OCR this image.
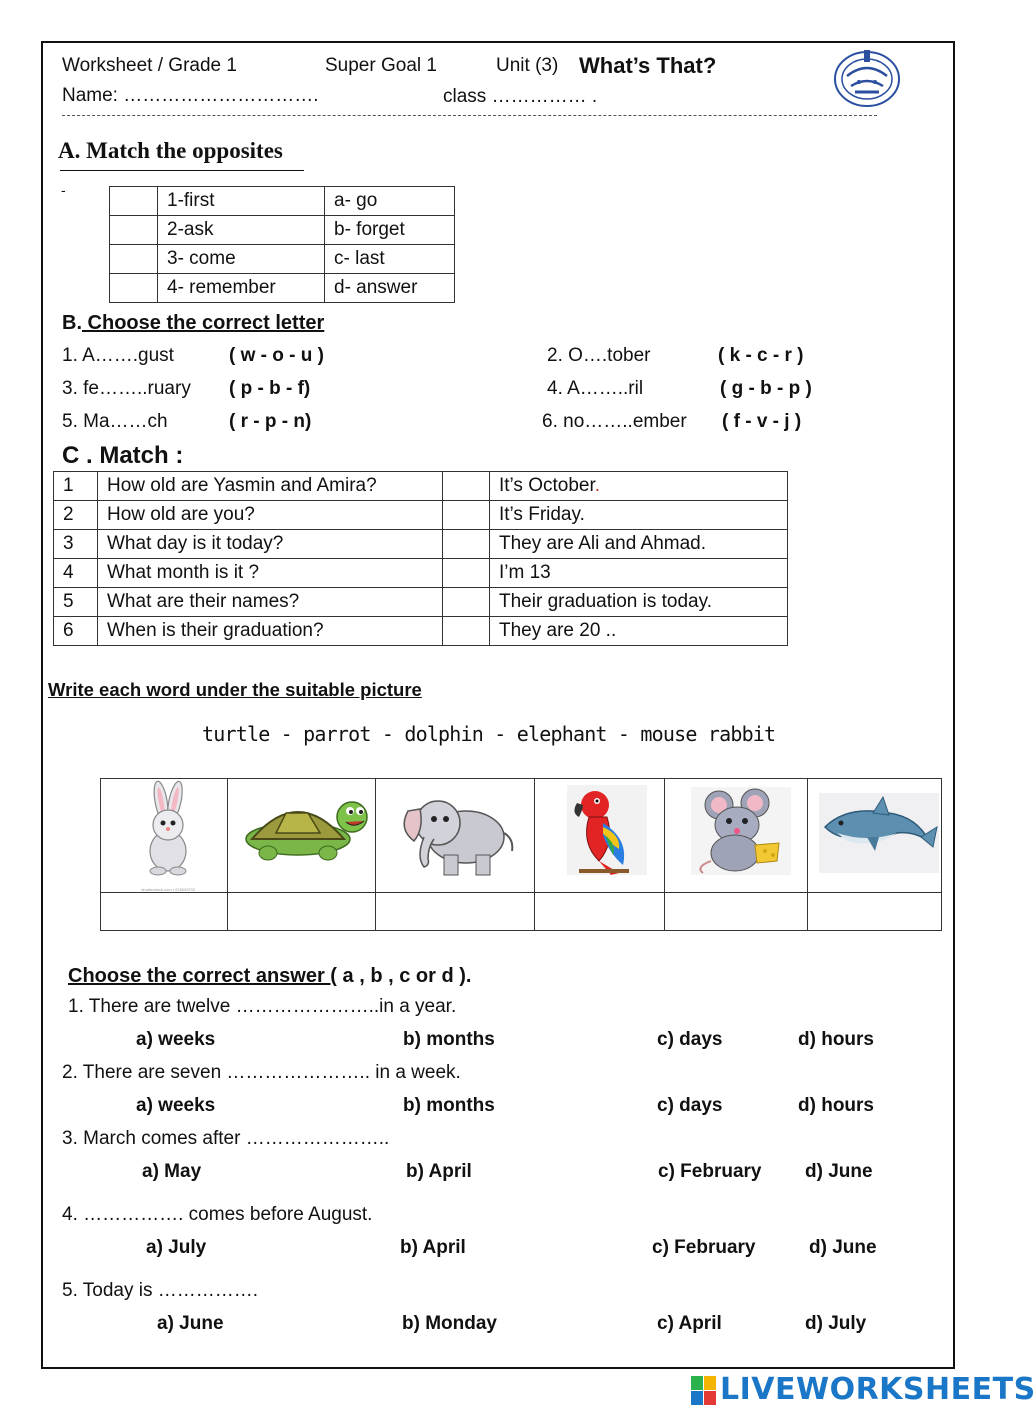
Worksheet / Grade 1	Super Goal 1	Unit (3) What’s That?
Name: ………………………….	class …………… .
A. Match the opposites
-
		1-first	a- go
	2-ask	b- forget
	3- come	c- last
	4- remember	d- answer
B. Choose the correct letter
1. A…….gust	( w - o - u )	2. O….tober	( k - c - r )
3. fe……..ruary ( p - b - f)	4. A……..ril	( g - b - p )
5. Ma……ch	( r - p - n)	6. no……..ember ( f - v - j )
C . Match :
1	How old are Yasmin and Amira?		It’s October.
2	How old are you?		It’s Friday.
3	What day is it today?		They are Ali and Ahmad.
4	What month is it ?		I’m 13
5	What are their names?		Their graduation is today.
6	When is their graduation?		They are 20 ..
Write each word under the suitable picture
turtle - parrot - dolphin - elephant - mouse rabbit
shutterstock.com • 678093792

Choose the correct answer ( a , b , c or d ).
1. There are twelve …………………..in a year.
a) weeks	b) months	c) days	d) hours
2. There are seven ………………….. in a week.
a) weeks	b) months	c) days	d) hours
3. March comes after …………………..
a) May	b) April	c) February d) June
4. ……………. comes before August.
a) July	b) April	c) February	d) June
5. Today is …………….
a) June	b) Monday	c) April	d) July
LIVEWORKSHEETS
